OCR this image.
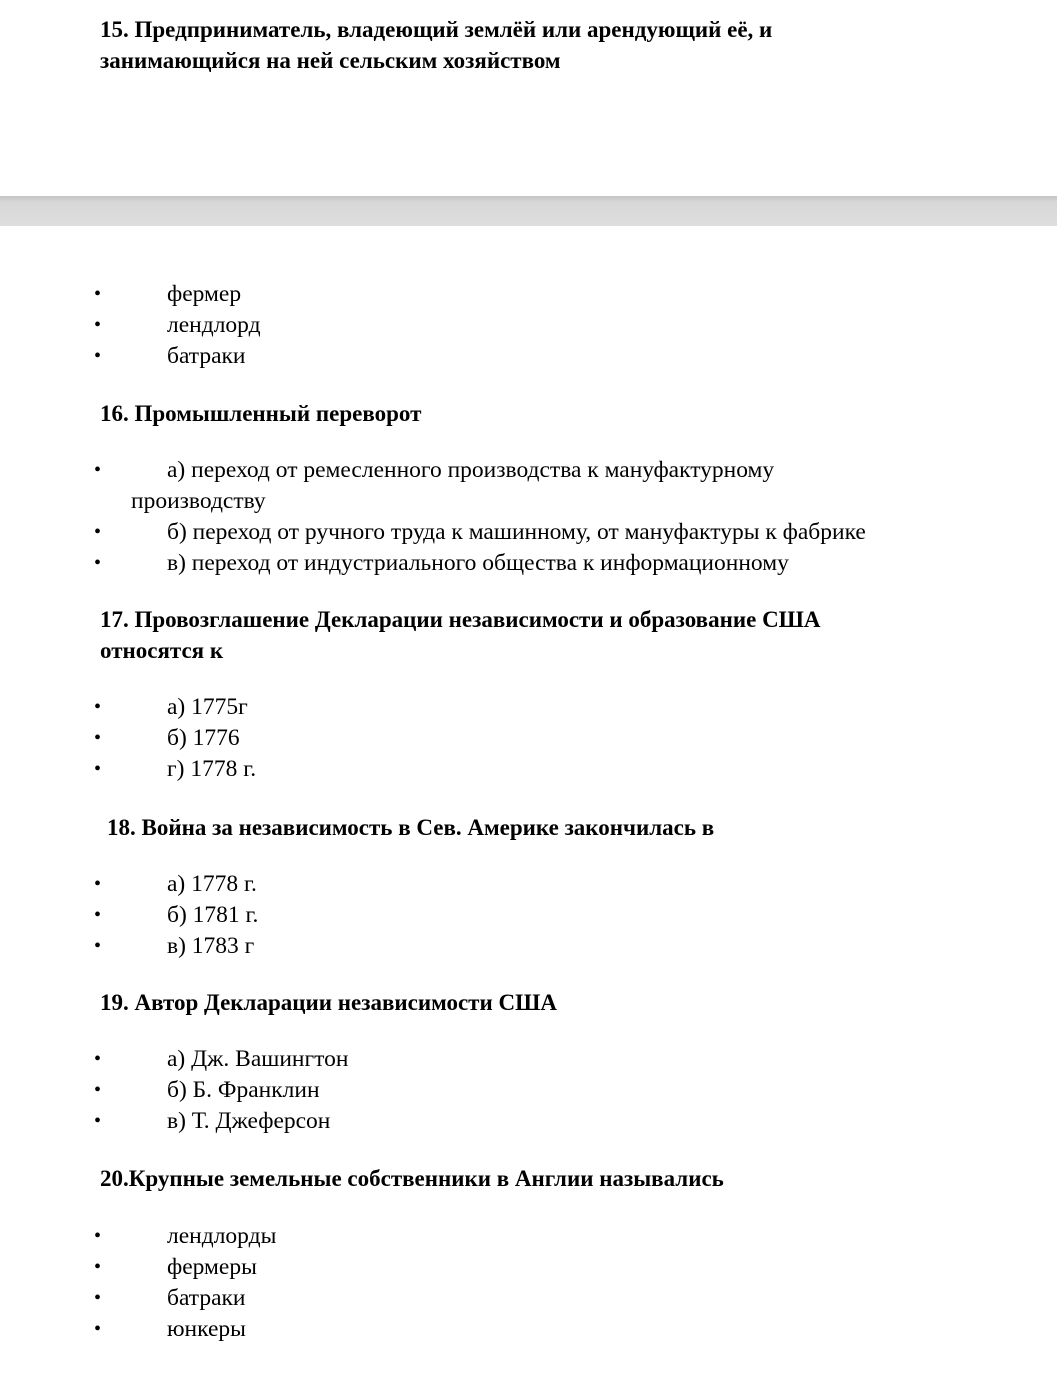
15. Предприниматель, владеющий землёй или арендующий её, и
занимающийся на ней сельским хозяйством
•	фермер
•	лендлорд
•	батраки
16. Промышленный переворот
•	а) переход от ремесленного производства к мануфактурному
производству
•	б) переход от ручного труда к машинному, от мануфактуры к фабрике
•	в) переход от индустриального общества к информационному
17. Провозглашение Декларации независимости и образование США
относятся к
•	а) 1775г
•	б) 1776
•	г) 1778 г.
18. Война за независимость в Сев. Америке закончилась в
•	а) 1778 г.
•	б) 1781 г.
•	в) 1783 г
19. Автор Декларации независимости США
•	а) Дж. Вашингтон
•	б) Б. Франклин
•	в) Т. Джеферсон
20.Крупные земельные собственники в Англии назывались
•	лендлорды
•	фермеры
•	батраки
•	юнкеры
